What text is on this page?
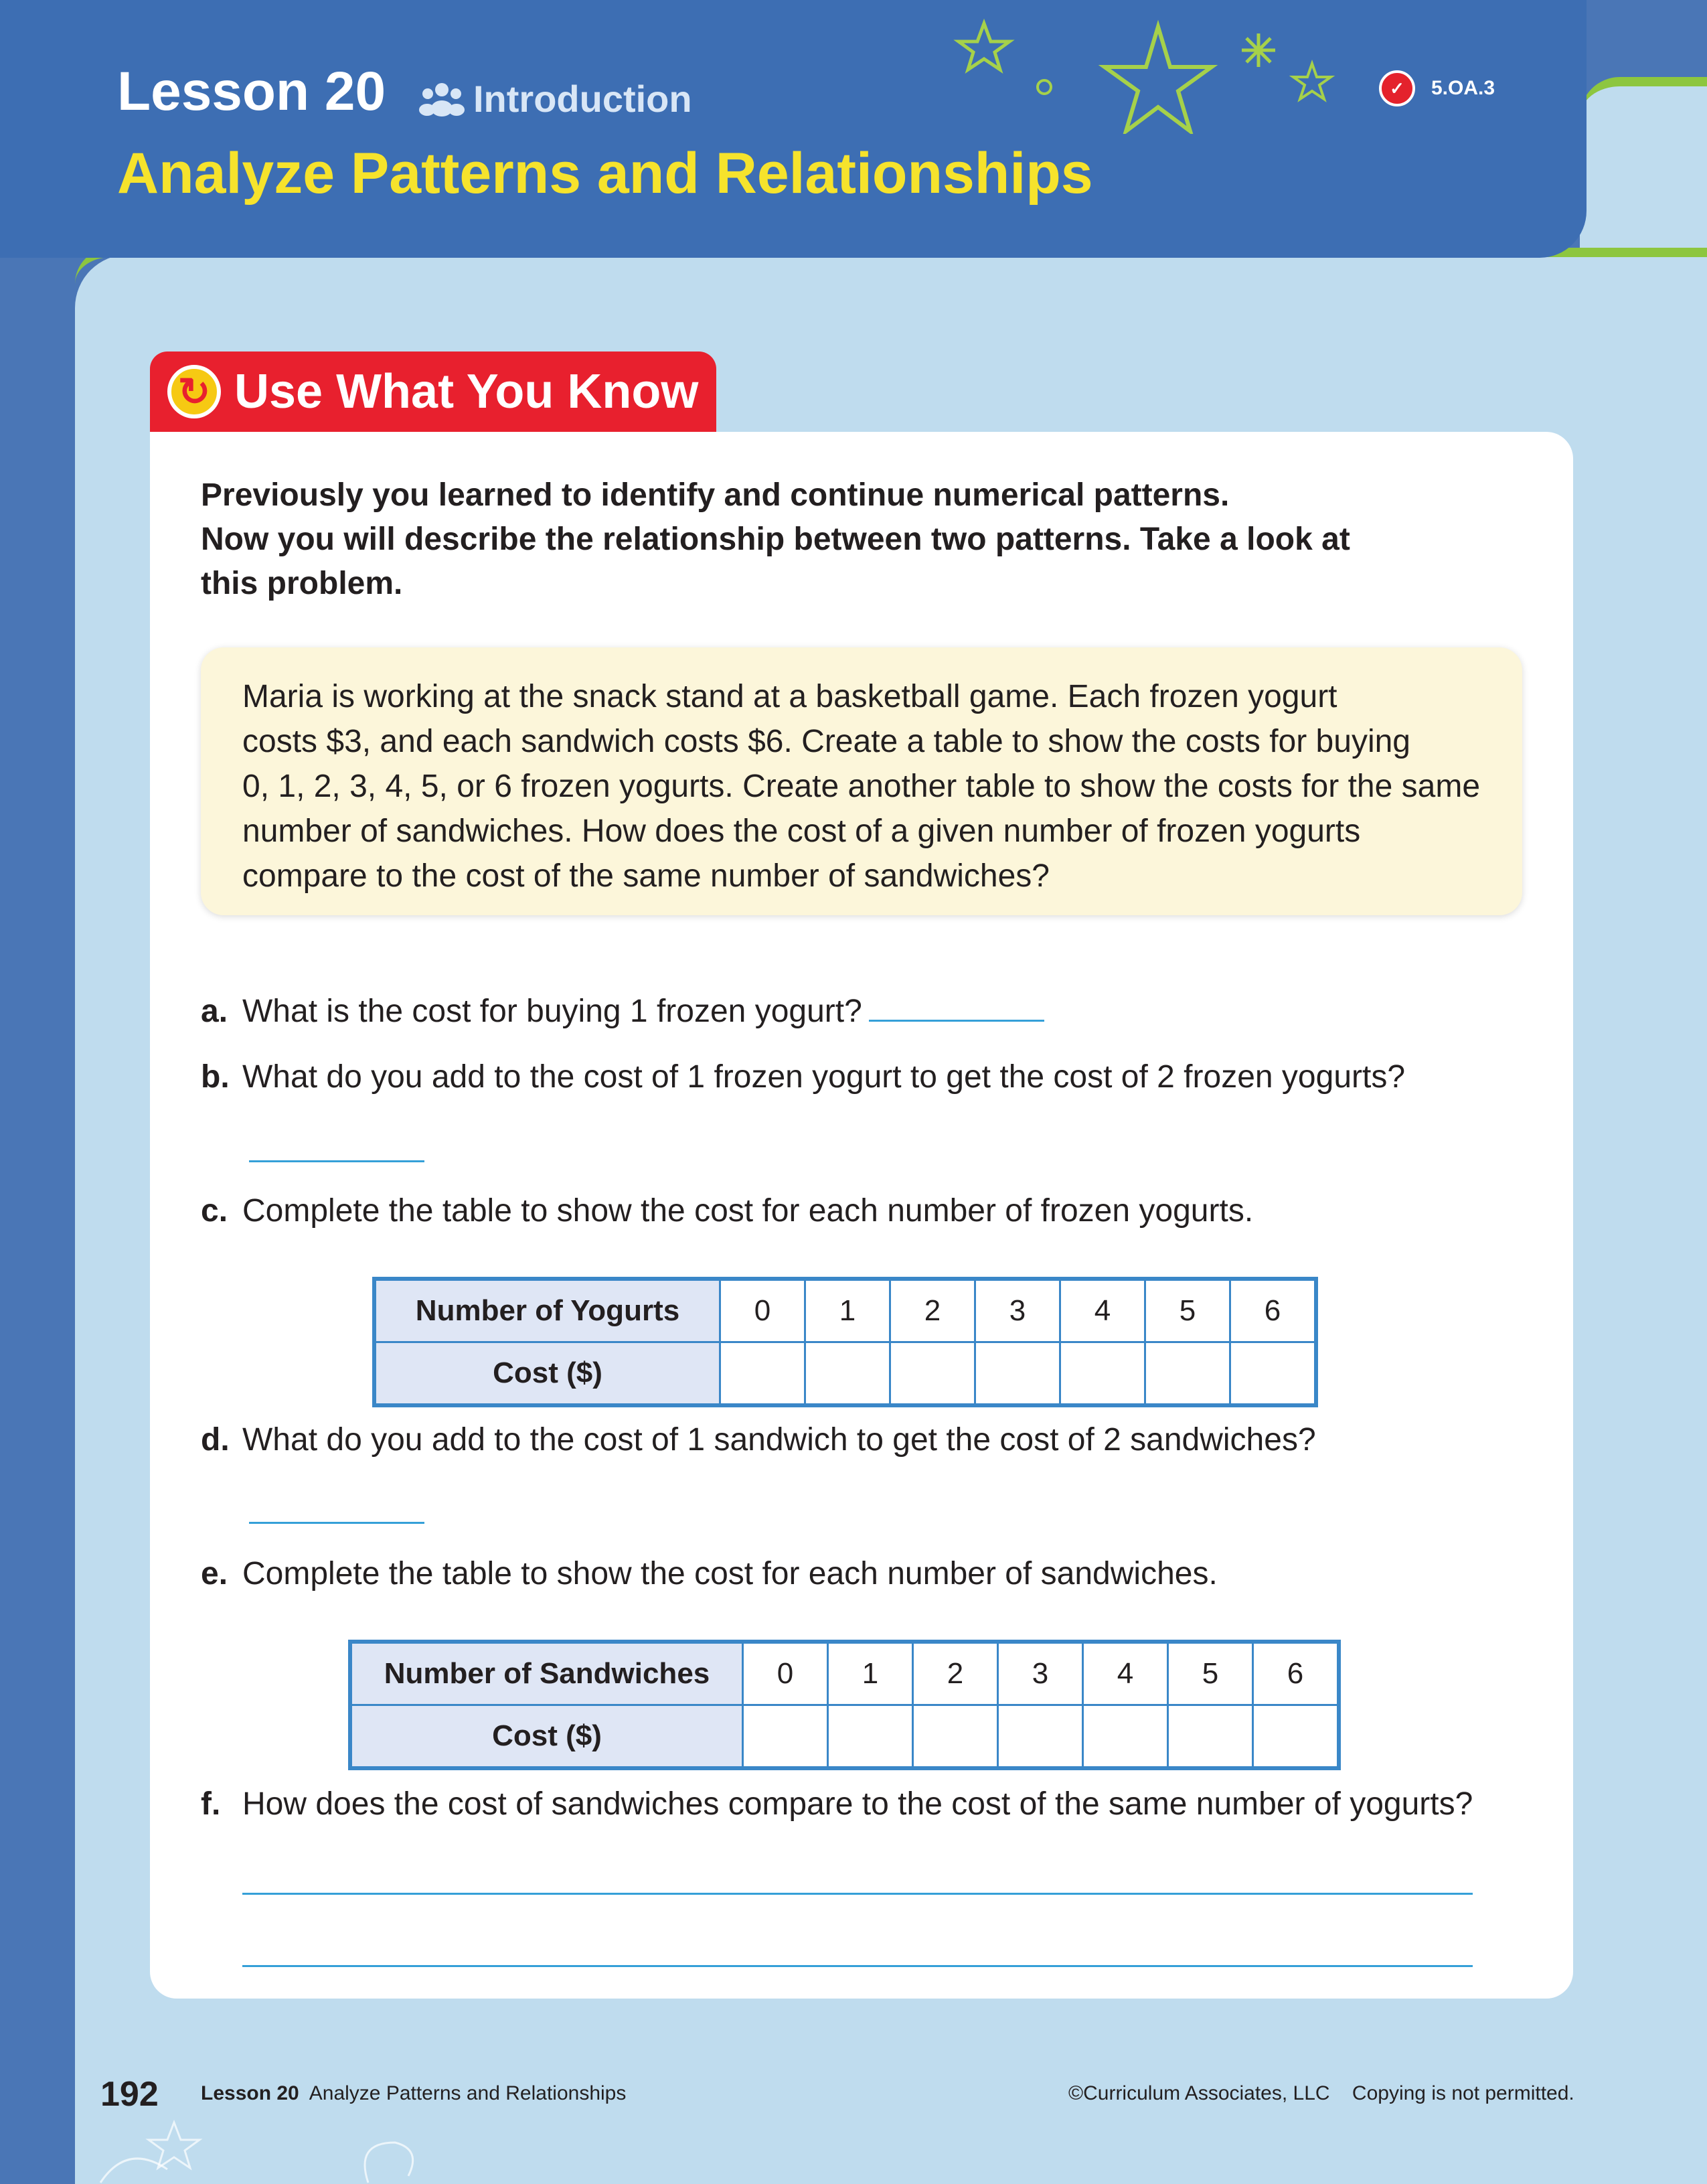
Lesson 20 Introduction
Analyze Patterns and Relationships
✓	5.OA.3
↻ Use What You Know
Previously you learned to identify and continue numerical patterns.
Now you will describe the relationship between two patterns. Take a look at
this problem.
Maria is working at the snack stand at a basketball game. Each frozen yogurt
costs $3, and each sandwich costs $6. Create a table to show the costs for buying
0, 1, 2, 3, 4, 5, or 6 frozen yogurts. Create another table to show the costs for the same
number of sandwiches. How does the cost of a given number of frozen yogurts
compare to the cost of the same number of sandwiches?
a. What is the cost for buying 1 frozen yogurt?
b. What do you add to the cost of 1 frozen yogurt to get the cost of 2 frozen yogurts?
c. Complete the table to show the cost for each number of frozen yogurts.
Number of Yogurts	0	1	2	3	4	5	6
Cost ($)							
d. What do you add to the cost of 1 sandwich to get the cost of 2 sandwiches?
e. Complete the table to show the cost for each number of sandwiches.
Number of Sandwiches	0	1	2	3	4	5	6
Cost ($)							
f. How does the cost of sandwiches compare to the cost of the same number of yogurts?
192 Lesson 20 Analyze Patterns and Relationships	©Curriculum Associates, LLC Copying is not permitted.
